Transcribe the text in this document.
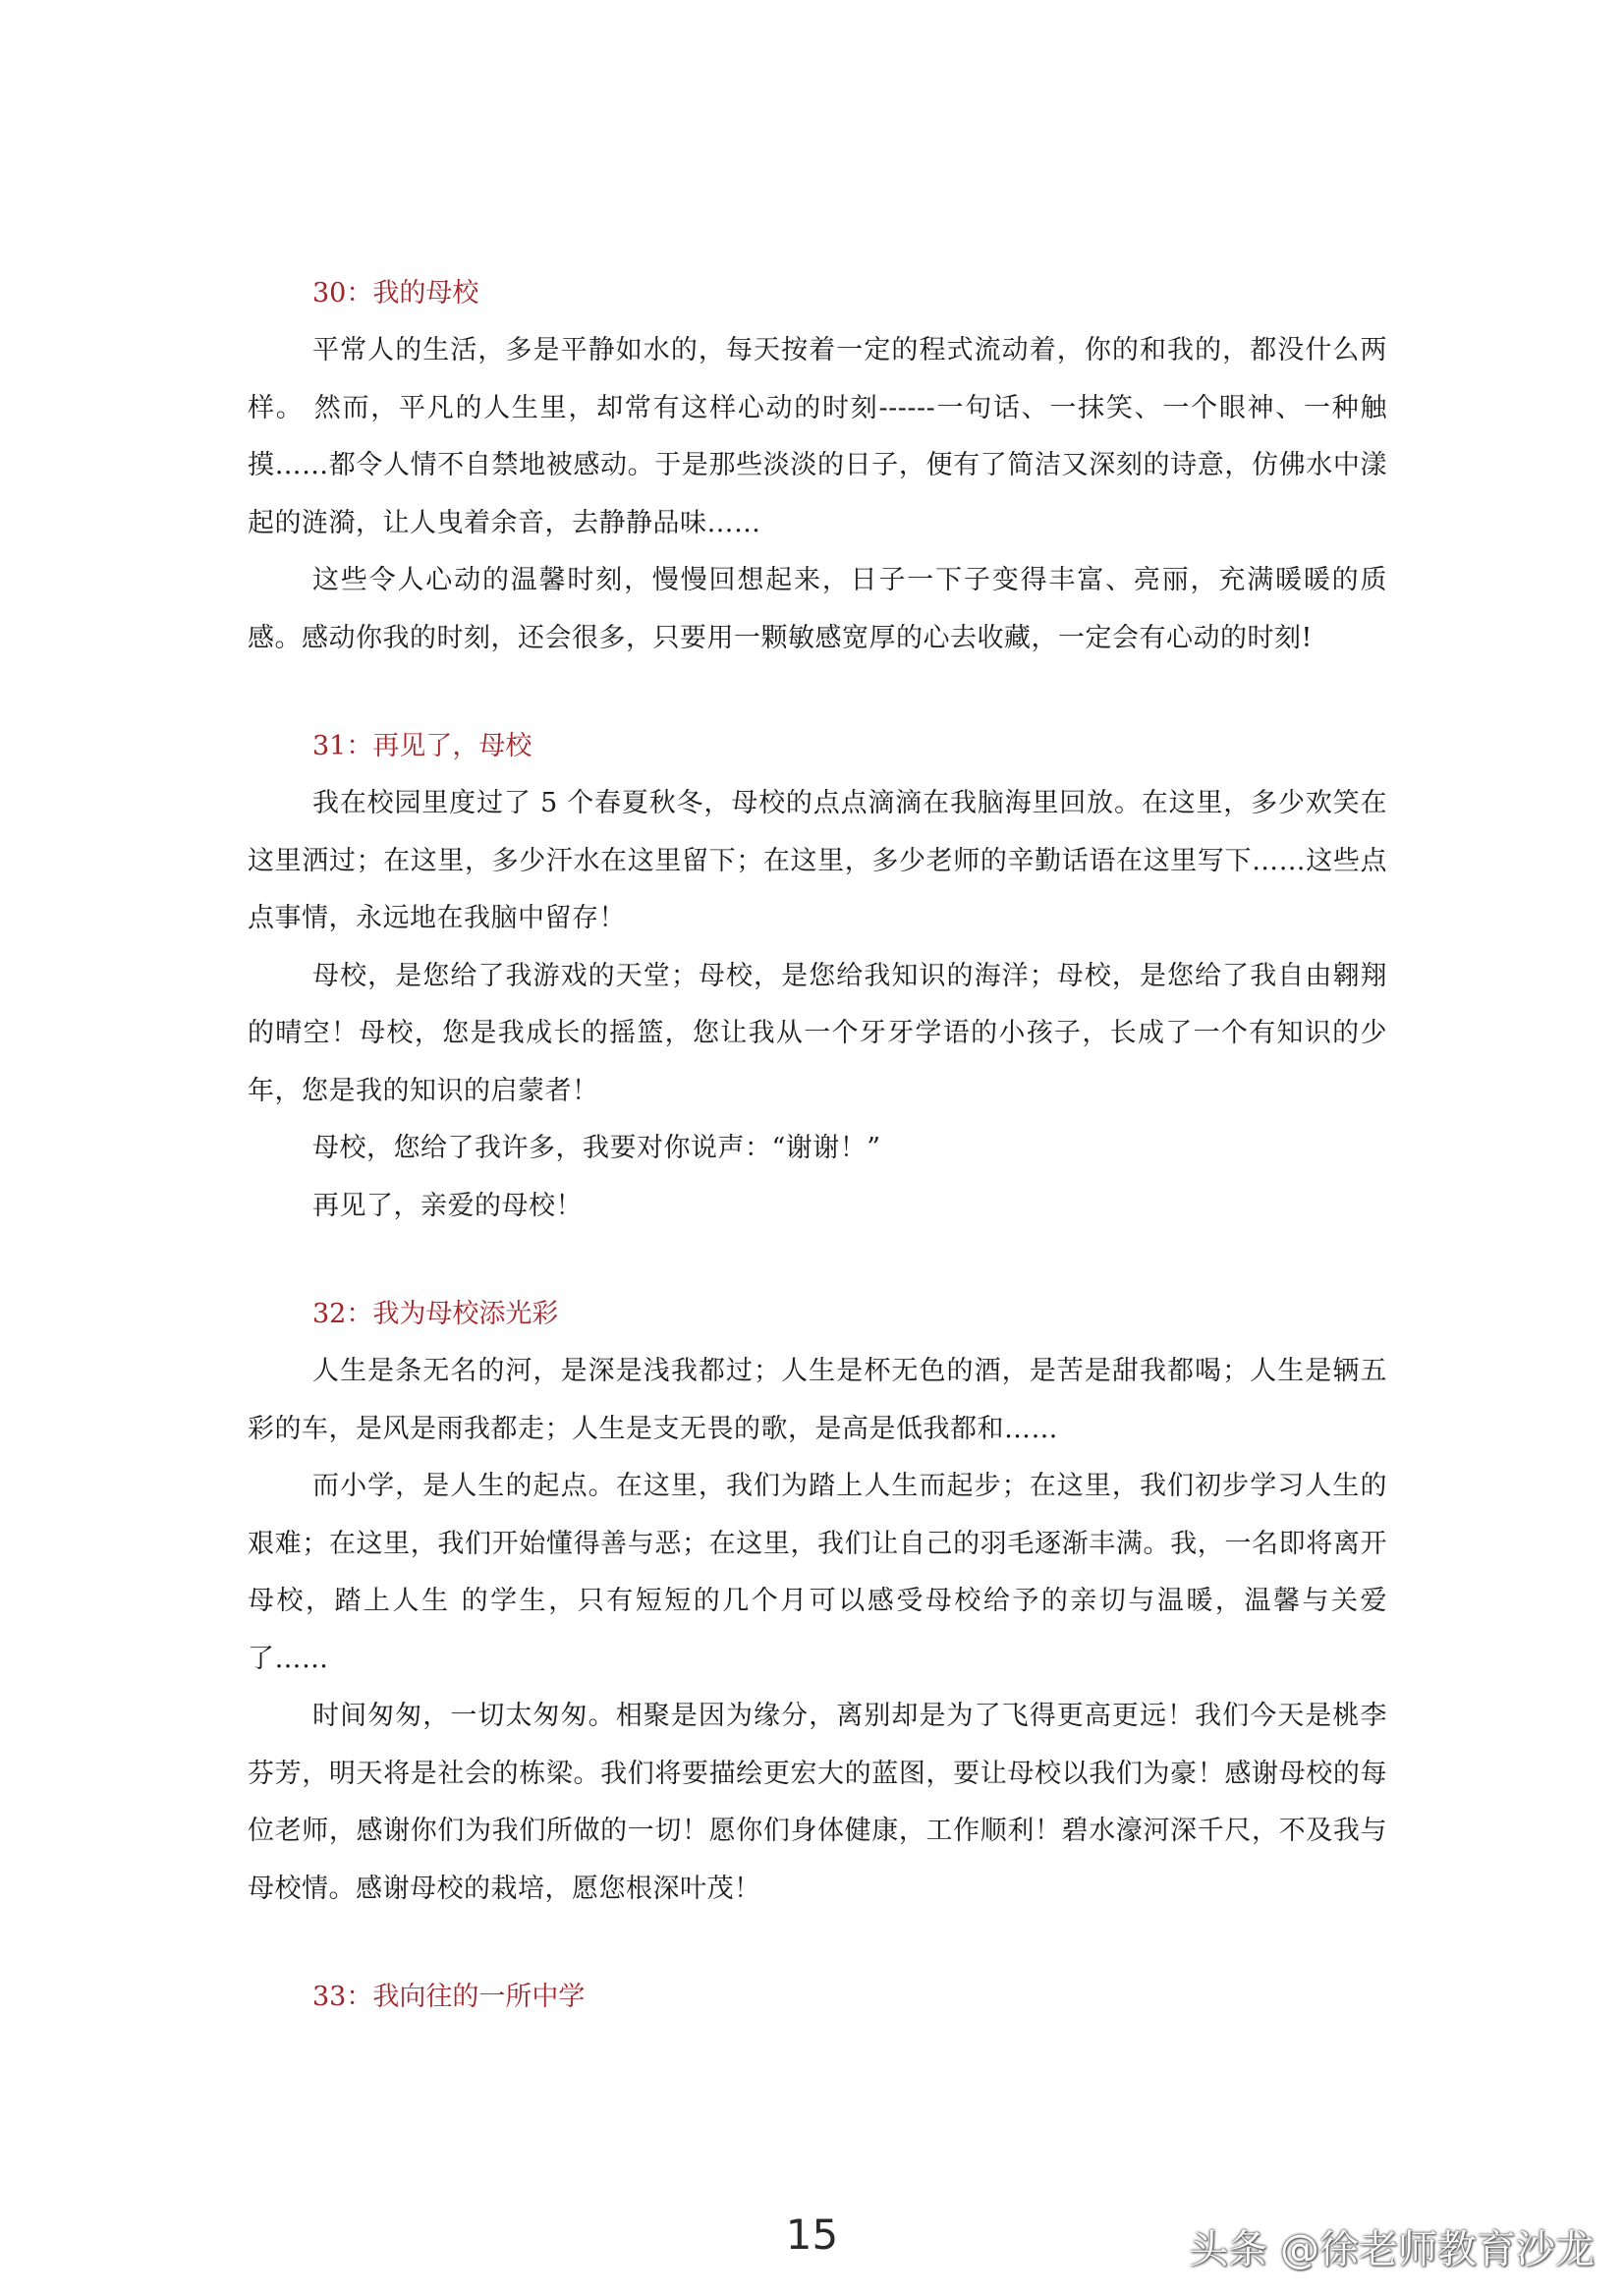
30：我的母校

平常人的生活，多是平静如水的，每天按着一定的程式流动着，你的和我的，都没什么两样。 然而，平凡的人生里，却常有这样心动的时刻------一句话、一抹笑、一个眼神、一种触摸……都令人情不自禁地被感动。于是那些淡淡的日子，便有了简洁又深刻的诗意，仿佛水中漾起的涟漪，让人曳着余音，去静静品味……

这些令人心动的温馨时刻，慢慢回想起来，日子一下子变得丰富、亮丽，充满暖暖的质感。感动你我的时刻，还会很多，只要用一颗敏感宽厚的心去收藏，一定会有心动的时刻!

31：再见了，母校

我在校园里度过了 5 个春夏秋冬，母校的点点滴滴在我脑海里回放。在这里，多少欢笑在这里洒过；在这里，多少汗水在这里留下；在这里，多少老师的辛勤话语在这里写下……这些点点事情，永远地在我脑中留存！

母校，是您给了我游戏的天堂；母校，是您给我知识的海洋；母校，是您给了我自由翱翔的晴空！母校，您是我成长的摇篮，您让我从一个牙牙学语的小孩子，长成了一个有知识的少年，您是我的知识的启蒙者！

母校，您给了我许多，我要对你说声：“谢谢！”

再见了，亲爱的母校！

32：我为母校添光彩

人生是条无名的河，是深是浅我都过；人生是杯无色的酒，是苦是甜我都喝；人生是辆五彩的车，是风是雨我都走；人生是支无畏的歌，是高是低我都和……

而小学，是人生的起点。在这里，我们为踏上人生而起步；在这里，我们初步学习人生的艰难；在这里，我们开始懂得善与恶；在这里，我们让自己的羽毛逐渐丰满。我，一名即将离开母校，踏上人生 的学生，只有短短的几个月可以感受母校给予的亲切与温暖，温馨与关爱了……

时间匆匆，一切太匆匆。相聚是因为缘分，离别却是为了飞得更高更远！我们今天是桃李芬芳，明天将是社会的栋梁。我们将要描绘更宏大的蓝图，要让母校以我们为豪！感谢母校的每位老师，感谢你们为我们所做的一切！愿你们身体健康，工作顺利！碧水濠河深千尺，不及我与母校情。感谢母校的栽培，愿您根深叶茂！

33：我向往的一所中学
15	头条 @徐老师教育沙龙
